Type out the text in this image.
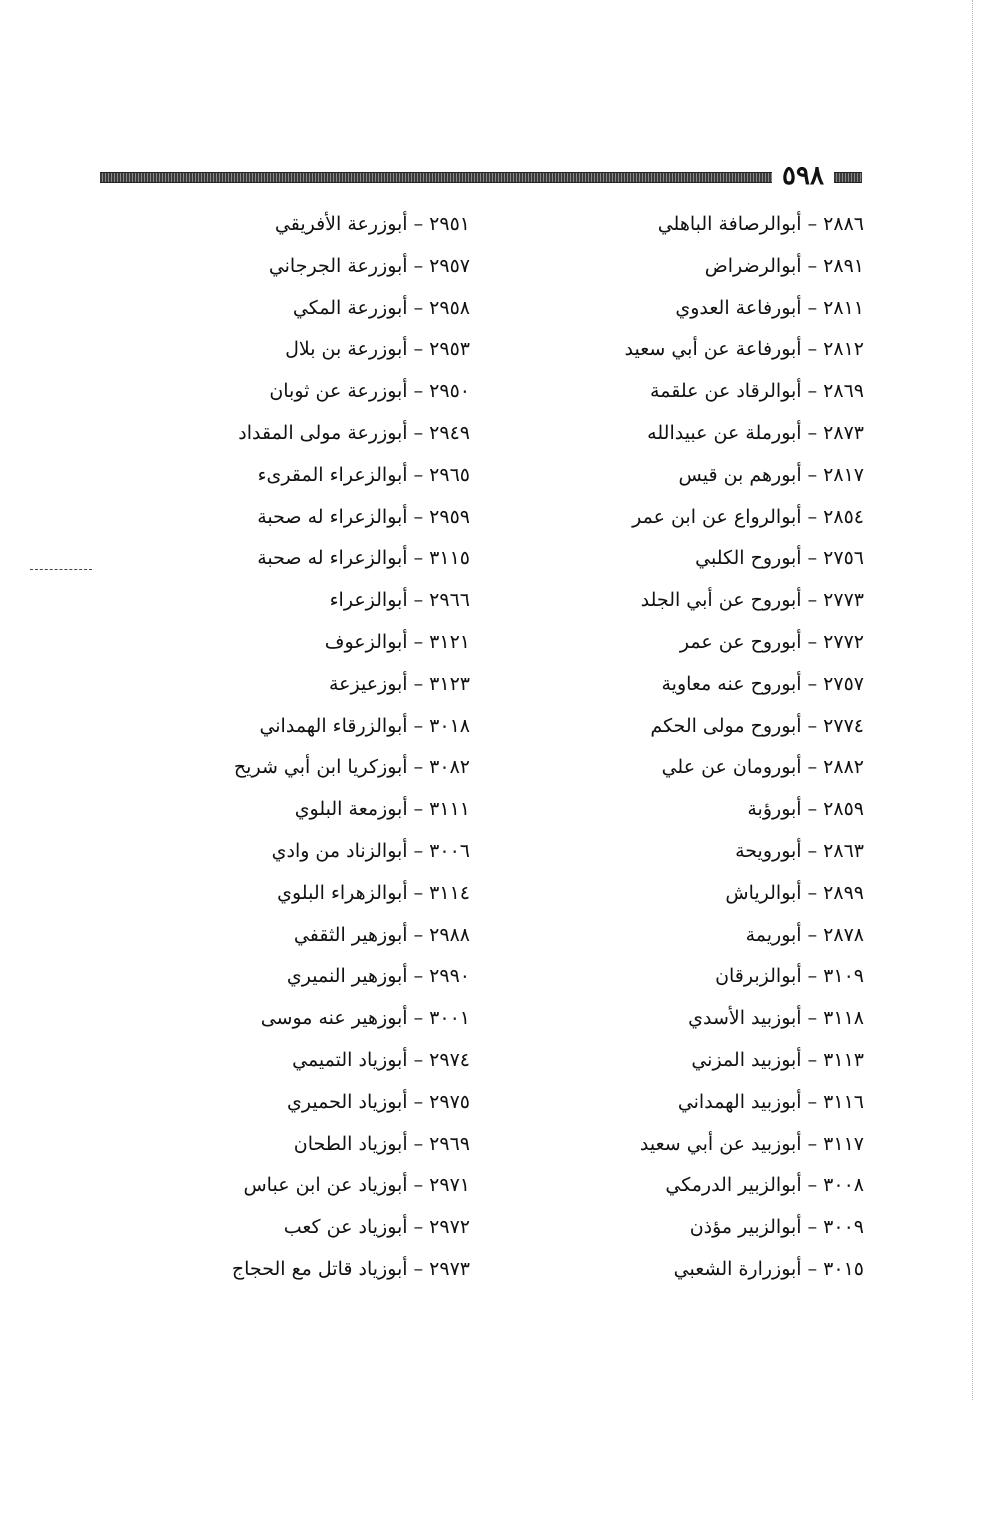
٥٩٨
٢٨٨٦ – أبوالرصافة الباهلي
٢٨٩١ – أبوالرضراض
٢٨١١ – أبورفاعة العدوي
٢٨١٢ – أبورفاعة عن أبي سعيد
٢٨٦٩ – أبوالرقاد عن علقمة
٢٨٧٣ – أبورملة عن عبيدالله
٢٨١٧ – أبورهم بن قيس
٢٨٥٤ – أبوالرواع عن ابن عمر
٢٧٥٦ – أبوروح الكلبي
٢٧٧٣ – أبوروح عن أبي الجلد
٢٧٧٢ – أبوروح عن عمر
٢٧٥٧ – أبوروح عنه معاوية
٢٧٧٤ – أبوروح مولى الحكم
٢٨٨٢ – أبورومان عن علي
٢٨٥٩ – أبورؤبة
٢٨٦٣ – أبورويحة
٢٨٩٩ – أبوالرياش
٢٨٧٨ – أبوريمة
٣١٠٩ – أبوالزبرقان
٣١١٨ – أبوزبيد الأسدي
٣١١٣ – أبوزبيد المزني
٣١١٦ – أبوزبيد الهمداني
٣١١٧ – أبوزبيد عن أبي سعيد
٣٠٠٨ – أبوالزبير الدرمكي
٣٠٠٩ – أبوالزبير مؤذن
٣٠١٥ – أبوزرارة الشعبي
٢٩٥١ – أبوزرعة الأفريقي
٢٩٥٧ – أبوزرعة الجرجاني
٢٩٥٨ – أبوزرعة المكي
٢٩٥٣ – أبوزرعة بن بلال
٢٩٥٠ – أبوزرعة عن ثوبان
٢٩٤٩ – أبوزرعة مولى المقداد
٢٩٦٥ – أبوالزعراء المقرىء
٢٩٥٩ – أبوالزعراء له صحبة
٣١١٥ – أبوالزعراء له صحبة
٢٩٦٦ – أبوالزعراء
٣١٢١ – أبوالزعوف
٣١٢٣ – أبوزعيزعة
٣٠١٨ – أبوالزرقاء الهمداني
٣٠٨٢ – أبوزكريا ابن أبي شريح
٣١١١ – أبوزمعة البلوي
٣٠٠٦ – أبوالزناد من وادي
٣١١٤ – أبوالزهراء البلوي
٢٩٨٨ – أبوزهير الثقفي
٢٩٩٠ – أبوزهير النميري
٣٠٠١ – أبوزهير عنه موسى
٢٩٧٤ – أبوزياد التميمي
٢٩٧٥ – أبوزياد الحميري
٢٩٦٩ – أبوزياد الطحان
٢٩٧١ – أبوزياد عن ابن عباس
٢٩٧٢ – أبوزياد عن كعب
٢٩٧٣ – أبوزياد قاتل مع الحجاج
